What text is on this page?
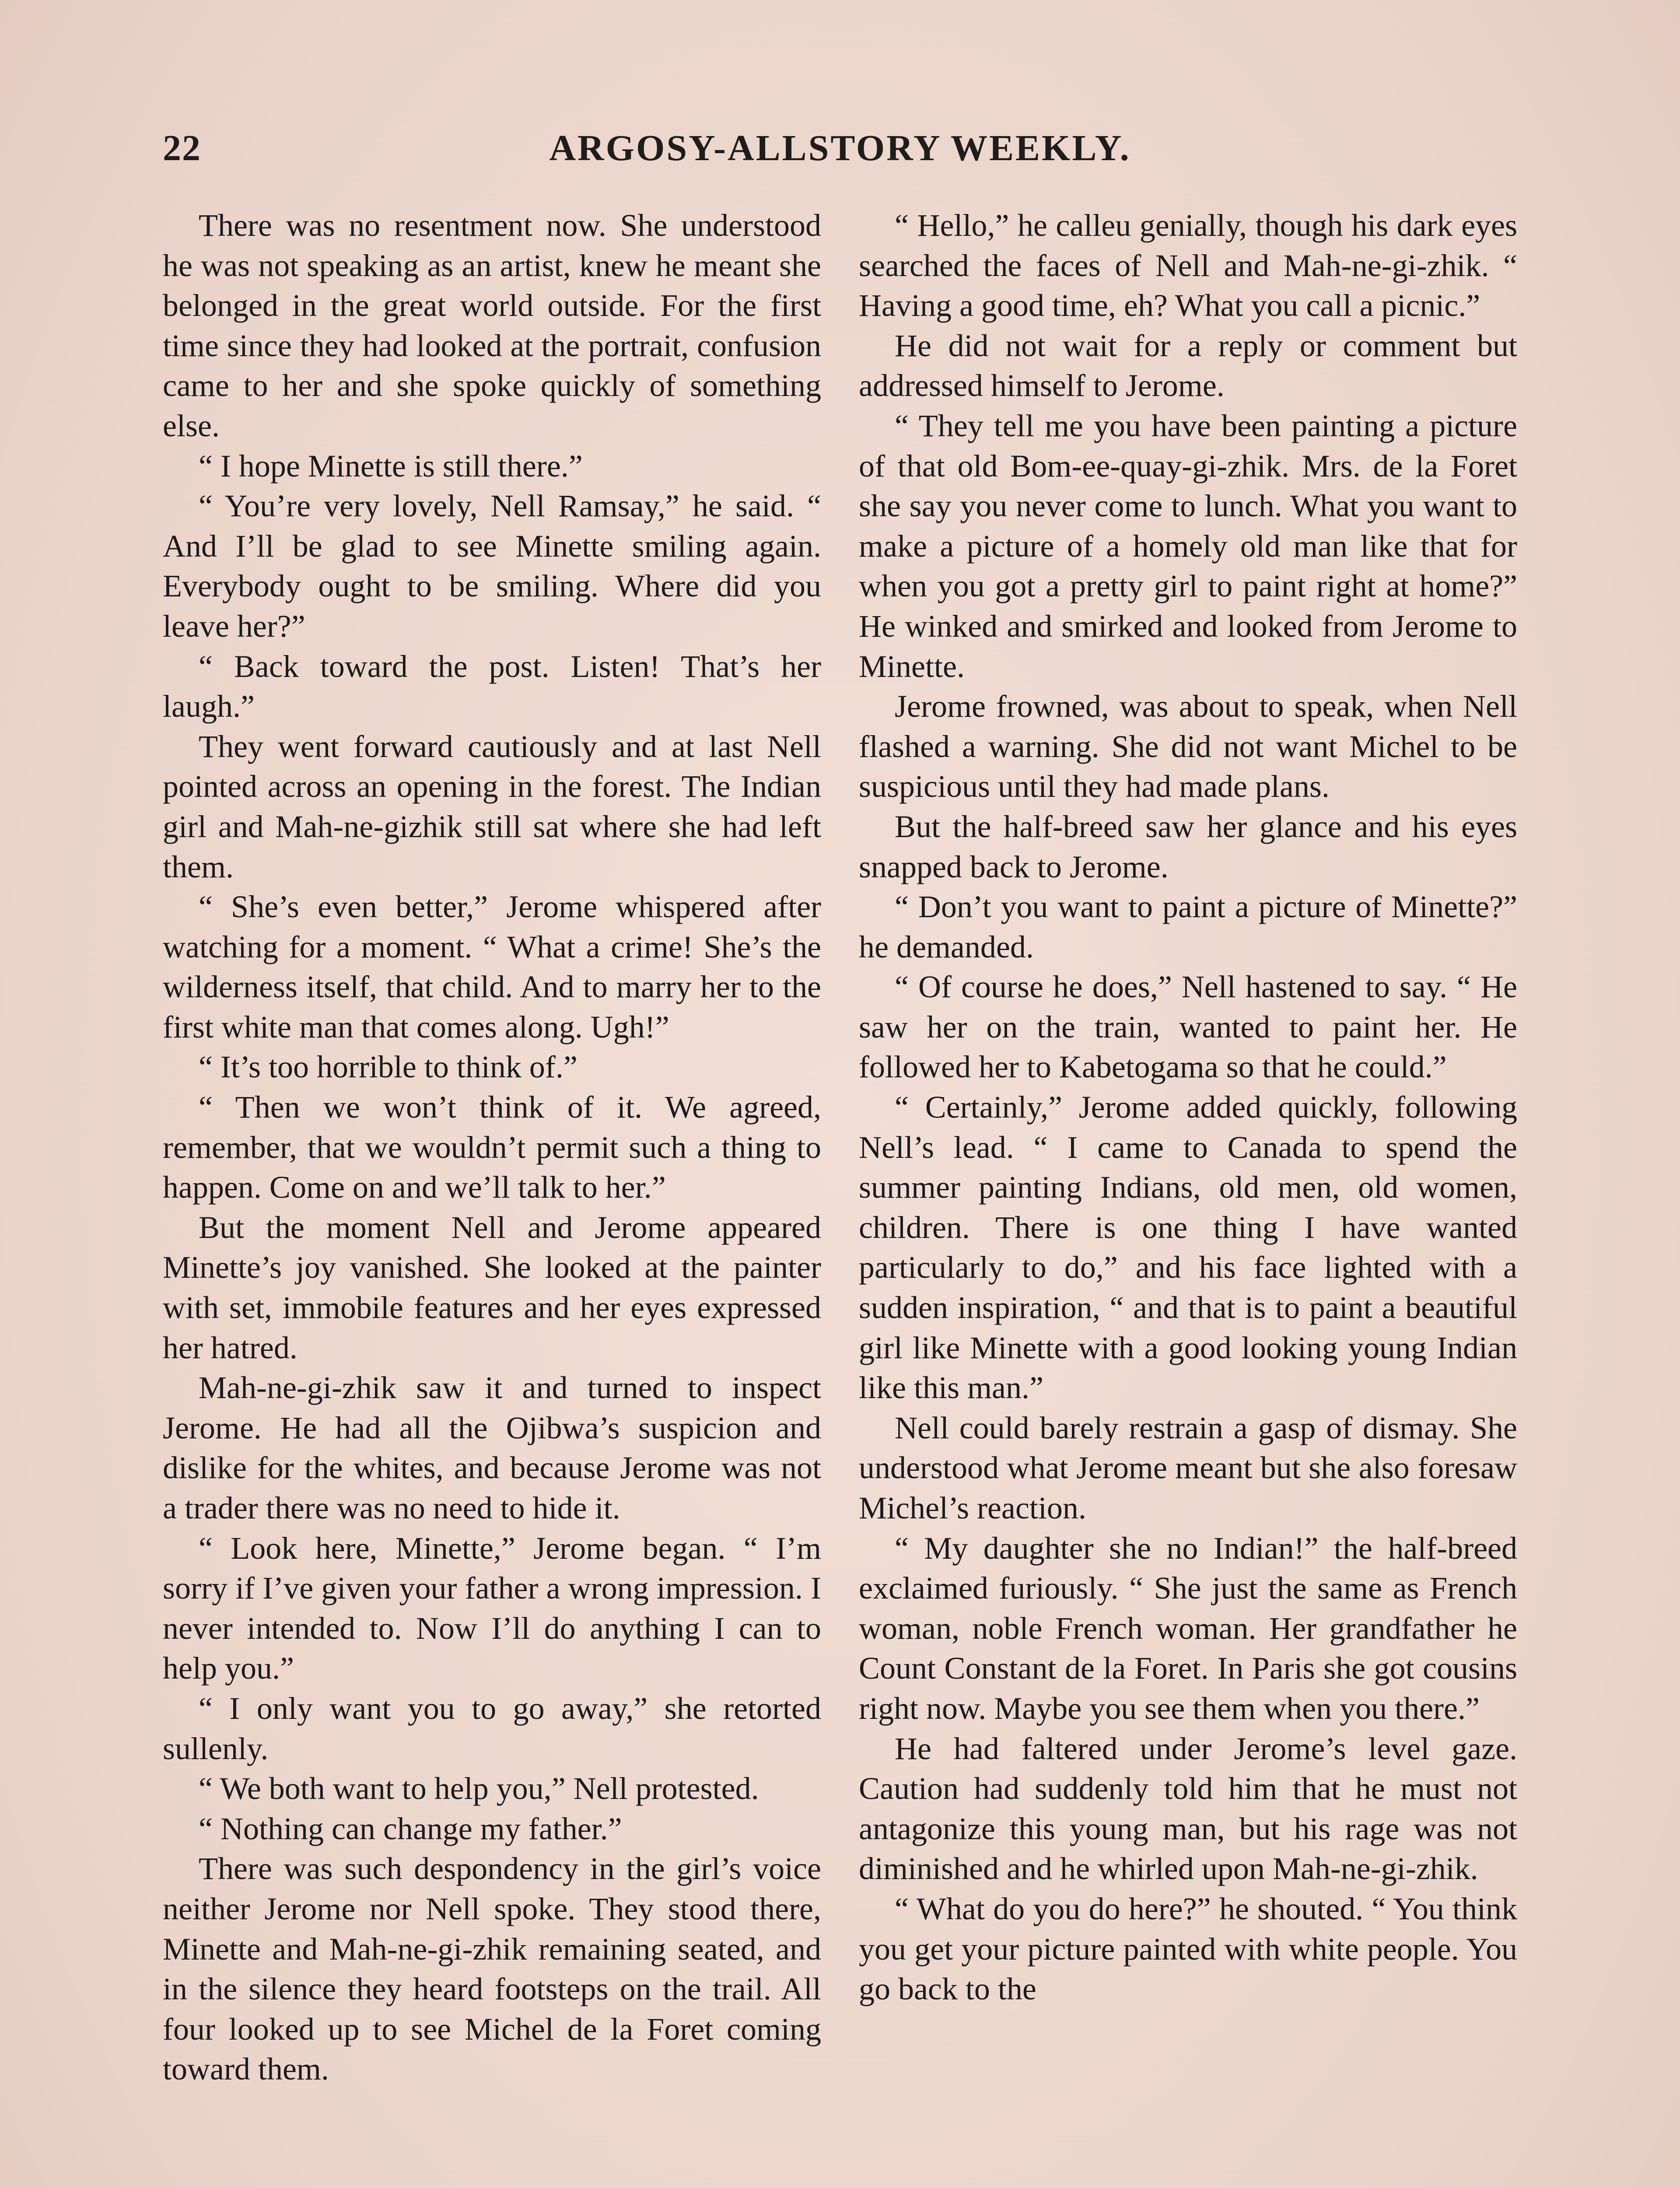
22	ARGOSY-ALLSTORY WEEKLY.

There was no resentment now. She understood he was not speaking as an artist, knew he meant she belonged in the great world outside. For the first time since they had looked at the portrait, confusion came to her and she spoke quickly of something else.

“ I hope Minette is still there.”

“ You’re very lovely, Nell Ramsay,” he said. “ And I’ll be glad to see Minette smiling again. Everybody ought to be smiling. Where did you leave her?”

“ Back toward the post. Listen! That’s her laugh.”

They went forward cautiously and at last Nell pointed across an opening in the forest. The Indian girl and Mah-ne-gizhik still sat where she had left them.

“ She’s even better,” Jerome whispered after watching for a moment. “ What a crime! She’s the wilderness itself, that child. And to marry her to the first white man that comes along. Ugh!”

“ It’s too horrible to think of.”

“ Then we won’t think of it. We agreed, remember, that we wouldn’t permit such a thing to happen. Come on and we’ll talk to her.”

But the moment Nell and Jerome appeared Minette’s joy vanished. She looked at the painter with set, immobile features and her eyes expressed her hatred.

Mah-ne-gi-zhik saw it and turned to inspect Jerome. He had all the Ojibwa’s suspicion and dislike for the whites, and because Jerome was not a trader there was no need to hide it.

“ Look here, Minette,” Jerome began. “ I’m sorry if I’ve given your father a wrong impression. I never intended to. Now I’ll do anything I can to help you.”

“ I only want you to go away,” she retorted sullenly.

“ We both want to help you,” Nell protested.

“ Nothing can change my father.”

There was such despondency in the girl’s voice neither Jerome nor Nell spoke. They stood there, Minette and Mah-ne-gi-zhik remaining seated, and in the silence they heard footsteps on the trail. All four looked up to see Michel de la Foret coming toward them.

“ Hello,” he calleu genially, though his dark eyes searched the faces of Nell and Mah-ne-gi-zhik. “ Having a good time, eh? What you call a picnic.”

He did not wait for a reply or comment but addressed himself to Jerome.

“ They tell me you have been painting a picture of that old Bom-ee-quay-gi-zhik. Mrs. de la Foret she say you never come to lunch. What you want to make a picture of a homely old man like that for when you got a pretty girl to paint right at home?” He winked and smirked and looked from Jerome to Minette.

Jerome frowned, was about to speak, when Nell flashed a warning. She did not want Michel to be suspicious until they had made plans.

But the half-breed saw her glance and his eyes snapped back to Jerome.

“ Don’t you want to paint a picture of Minette?” he demanded.

“ Of course he does,” Nell hastened to say. “ He saw her on the train, wanted to paint her. He followed her to Kabetogama so that he could.”

“ Certainly,” Jerome added quickly, following Nell’s lead. “ I came to Canada to spend the summer painting Indians, old men, old women, children. There is one thing I have wanted particularly to do,” and his face lighted with a sudden inspiration, “ and that is to paint a beautiful girl like Minette with a good looking young Indian like this man.”

Nell could barely restrain a gasp of dismay. She understood what Jerome meant but she also foresaw Michel’s reaction.

“ My daughter she no Indian!” the half-breed exclaimed furiously. “ She just the same as French woman, noble French woman. Her grandfather he Count Constant de la Foret. In Paris she got cousins right now. Maybe you see them when you there.”

He had faltered under Jerome’s level gaze. Caution had suddenly told him that he must not antagonize this young man, but his rage was not diminished and he whirled upon Mah-ne-gi-zhik.

“ What do you do here?” he shouted. “ You think you get your picture painted with white people. You go back to the
